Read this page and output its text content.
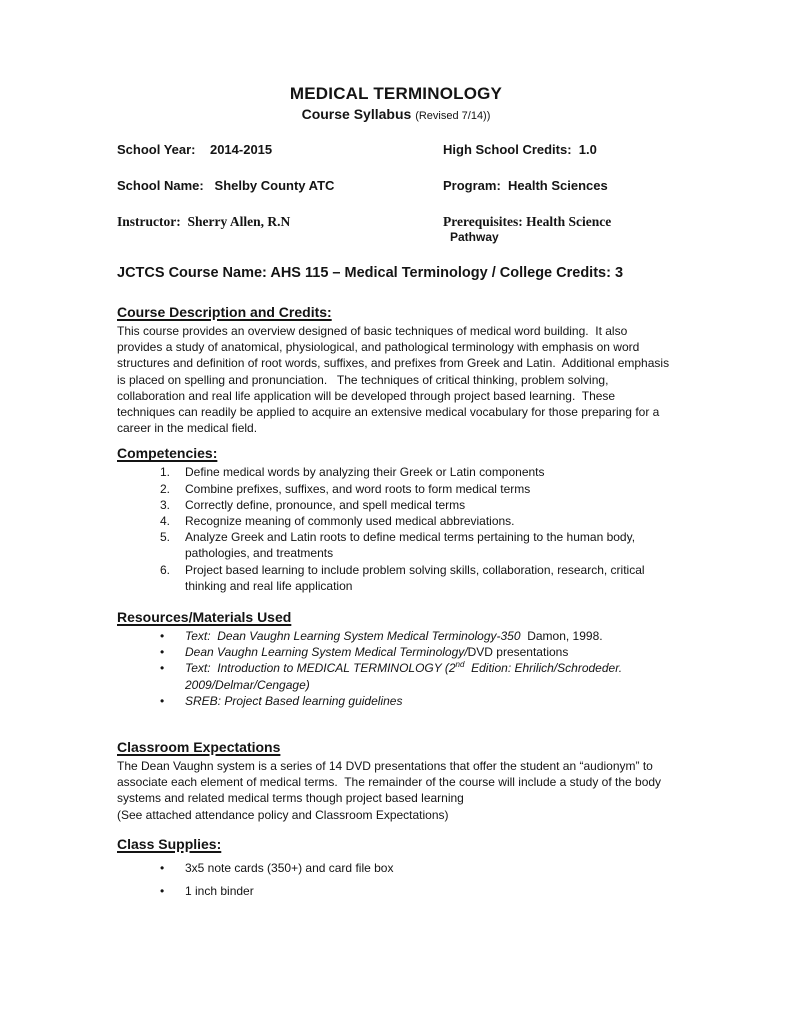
MEDICAL TERMINOLOGY
Course Syllabus (Revised 7/14))
School Year:    2014-2015	High School Credits:  1.0
School Name:   Shelby County ATC	Program:  Health Sciences
Instructor:  Sherry Allen, R.N	Prerequisites: Health Science
Pathway
JCTCS Course Name: AHS 115 – Medical Terminology / College Credits: 3
Course Description and Credits:
This course provides an overview designed of basic techniques of medical word building.  It also provides a study of anatomical, physiological, and pathological terminology with emphasis on word structures and definition of root words, suffixes, and prefixes from Greek and Latin.  Additional emphasis is placed on spelling and pronunciation.   The techniques of critical thinking, problem solving, collaboration and real life application will be developed through project based learning.  These techniques can readily be applied to acquire an extensive medical vocabulary for those preparing for a career in the medical field.
Competencies:
1.	Define medical words by analyzing their Greek or Latin components
2.	Combine prefixes, suffixes, and word roots to form medical terms
3.	Correctly define, pronounce, and spell medical terms
4.	Recognize meaning of commonly used medical abbreviations.
5.	Analyze Greek and Latin roots to define medical terms pertaining to the human body, pathologies, and treatments
6.	Project based learning to include problem solving skills, collaboration, research, critical thinking and real life application
Resources/Materials Used
•	Text:  Dean Vaughn Learning System Medical Terminology-350  Damon, 1998.
•	Dean Vaughn Learning System Medical Terminology/DVD presentations
•	Text:  Introduction to MEDICAL TERMINOLOGY (2nd  Edition: Ehrilich/Schrodeder. 2009/Delmar/Cengage)
•	SREB: Project Based learning guidelines
Classroom Expectations
The Dean Vaughn system is a series of 14 DVD presentations that offer the student an “audionym” to associate each element of medical terms.  The remainder of the course will include a study of the body systems and related medical terms though project based learning
(See attached attendance policy and Classroom Expectations)
Class Supplies:
•	3x5 note cards (350+) and card file box
•	1 inch binder
